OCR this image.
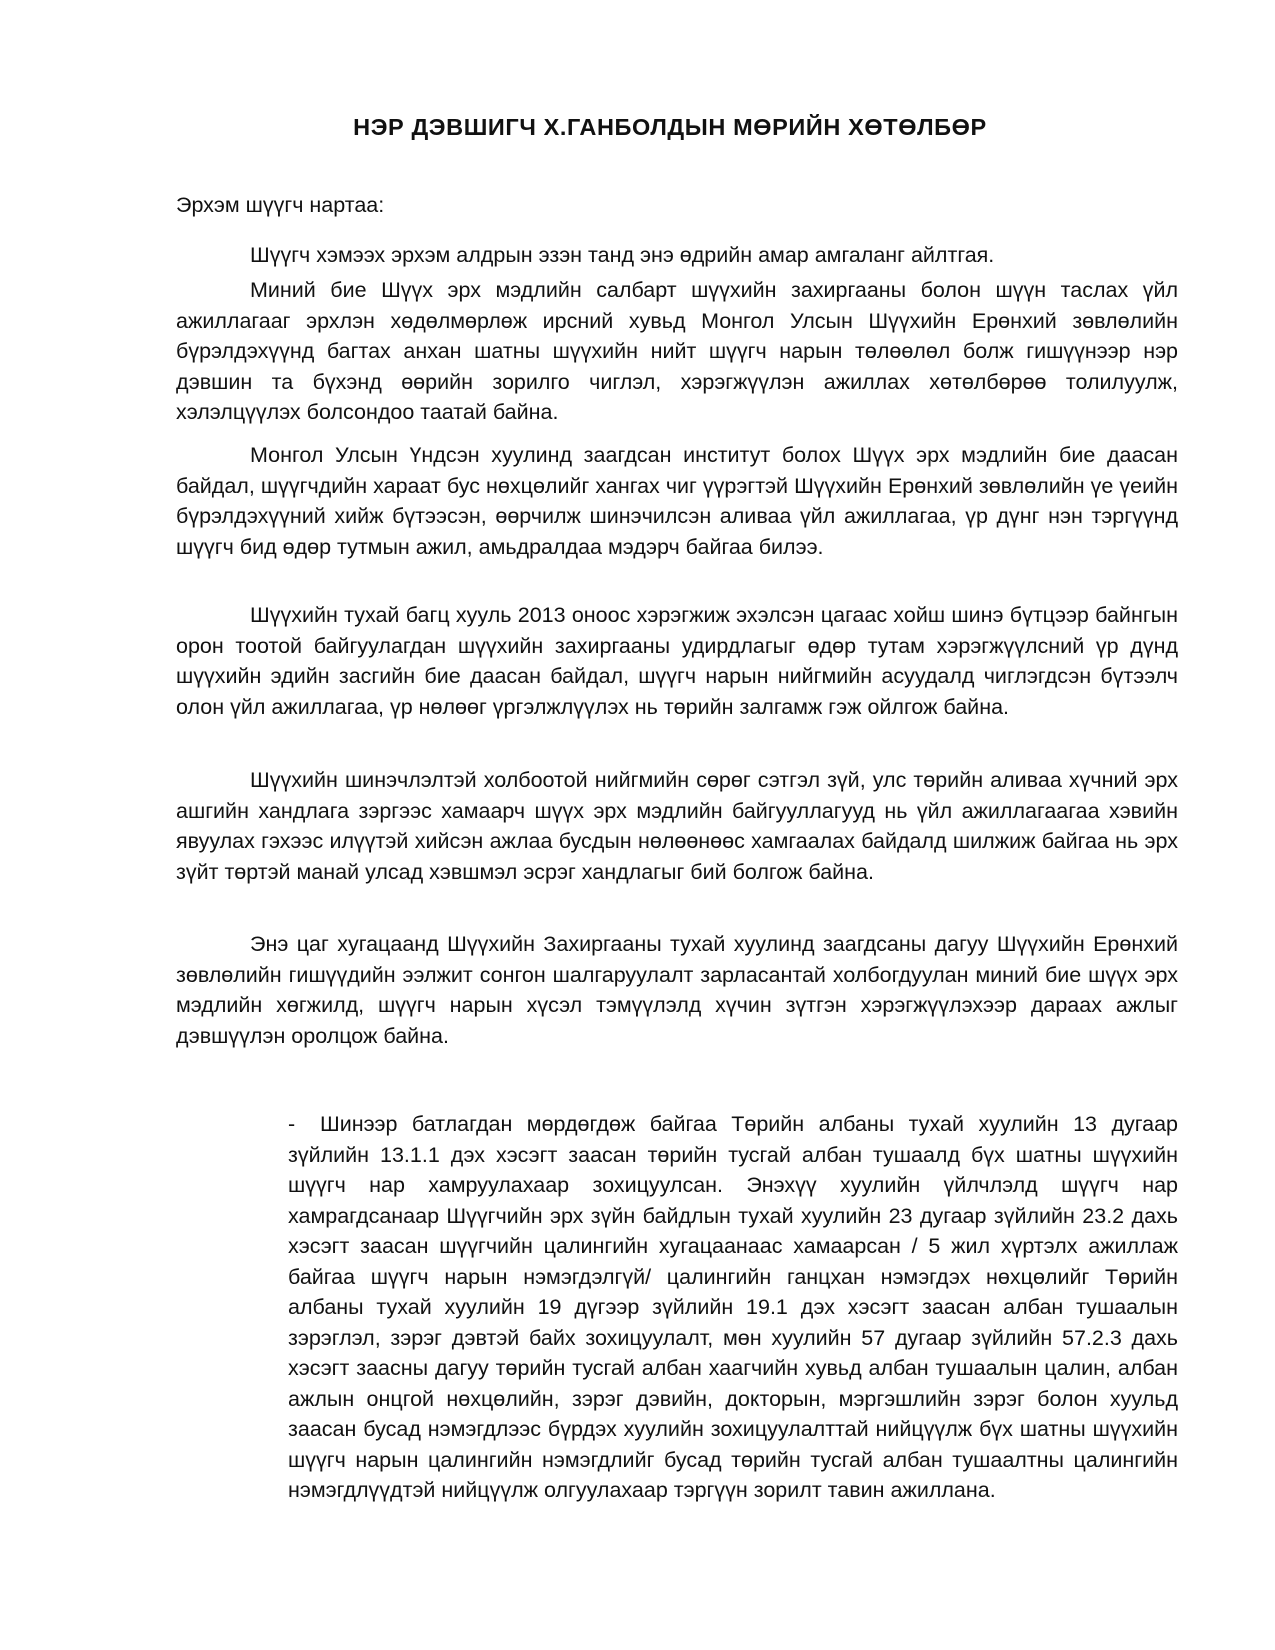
НЭР ДЭВШИГЧ Х.ГАНБОЛДЫН МӨРИЙН ХӨТӨЛБӨР

Эрхэм шүүгч нартаа:

Шүүгч хэмээх эрхэм алдрын эзэн танд энэ өдрийн амар амгаланг айлтгая.

Миний бие Шүүх эрх мэдлийн салбарт шүүхийн захиргааны болон шүүн таслах үйл ажиллагааг эрхлэн хөдөлмөрлөж ирсний хувьд Монгол Улсын Шүүхийн Ерөнхий зөвлөлийн бүрэлдэхүүнд багтах анхан шатны шүүхийн нийт шүүгч нарын төлөөлөл болж гишүүнээр нэр дэвшин та бүхэнд өөрийн зорилго чиглэл, хэрэгжүүлэн ажиллах хөтөлбөрөө толилуулж, хэлэлцүүлэх болсондоо таатай байна.

Монгол Улсын Үндсэн хуулинд заагдсан институт болох Шүүх эрх мэдлийн бие даасан байдал, шүүгчдийн хараат бус нөхцөлийг хангах чиг үүрэгтэй Шүүхийн Ерөнхий зөвлөлийн үе үеийн бүрэлдэхүүний хийж бүтээсэн, өөрчилж шинэчилсэн аливаа үйл ажиллагаа, үр дүнг нэн тэргүүнд шүүгч бид өдөр тутмын ажил, амьдралдаа мэдэрч байгаа билээ.

Шүүхийн тухай багц хууль 2013 оноос хэрэгжиж эхэлсэн цагаас хойш шинэ бүтцээр байнгын орон тоотой байгуулагдан шүүхийн захиргааны удирдлагыг өдөр тутам хэрэгжүүлсний үр дүнд шүүхийн эдийн засгийн бие даасан байдал, шүүгч нарын нийгмийн асуудалд чиглэгдсэн бүтээлч олон үйл ажиллагаа, үр нөлөөг үргэлжлүүлэх нь төрийн залгамж гэж ойлгож байна.

Шүүхийн шинэчлэлтэй холбоотой нийгмийн сөрөг сэтгэл зүй, улс төрийн аливаа хүчний эрх ашгийн хандлага зэргээс хамаарч шүүх эрх мэдлийн байгууллагууд нь үйл ажиллагаагаа хэвийн явуулах гэхээс илүүтэй хийсэн ажлаа бусдын нөлөөнөөс хамгаалах байдалд шилжиж байгаа нь эрх зүйт төртэй манай улсад хэвшмэл эсрэг хандлагыг бий болгож байна.

Энэ цаг хугацаанд Шүүхийн Захиргааны тухай хуулинд заагдсаны дагуу Шүүхийн Ерөнхий зөвлөлийн гишүүдийн ээлжит сонгон шалгаруулалт зарласантай холбогдуулан миний бие шүүх эрх мэдлийн хөгжилд, шүүгч нарын хүсэл тэмүүлэлд хүчин зүтгэн хэрэгжүүлэхээр дараах ажлыг дэвшүүлэн оролцож байна.

- Шинээр батлагдан мөрдөгдөж байгаа Төрийн албаны тухай хуулийн 13 дугаар зүйлийн 13.1.1 дэх хэсэгт заасан төрийн тусгай албан тушаалд бүх шатны шүүхийн шүүгч нар хамруулахаар зохицуулсан. Энэхүү хуулийн үйлчлэлд шүүгч нар хамрагдсанаар Шүүгчийн эрх зүйн байдлын тухай хуулийн 23 дугаар зүйлийн 23.2 дахь хэсэгт заасан шүүгчийн цалингийн хугацаанаас хамаарсан / 5 жил хүртэлх ажиллаж байгаа шүүгч нарын нэмэгдэлгүй/ цалингийн ганцхан нэмэгдэх нөхцөлийг Төрийн албаны тухай хуулийн 19 дүгээр зүйлийн 19.1 дэх хэсэгт заасан албан тушаалын зэрэглэл, зэрэг дэвтэй байх зохицуулалт, мөн хуулийн 57 дугаар зүйлийн 57.2.3 дахь хэсэгт заасны дагуу төрийн тусгай албан хаагчийн хувьд албан тушаалын цалин, албан ажлын онцгой нөхцөлийн, зэрэг дэвийн, докторын, мэргэшлийн зэрэг болон хуульд заасан бусад нэмэгдлээс бүрдэх хуулийн зохицуулалттай нийцүүлж бүх шатны шүүхийн шүүгч нарын цалингийн нэмэгдлийг бусад төрийн тусгай албан тушаалтны цалингийн нэмэгдлүүдтэй нийцүүлж олгуулахаар тэргүүн зорилт тавин ажиллана.
